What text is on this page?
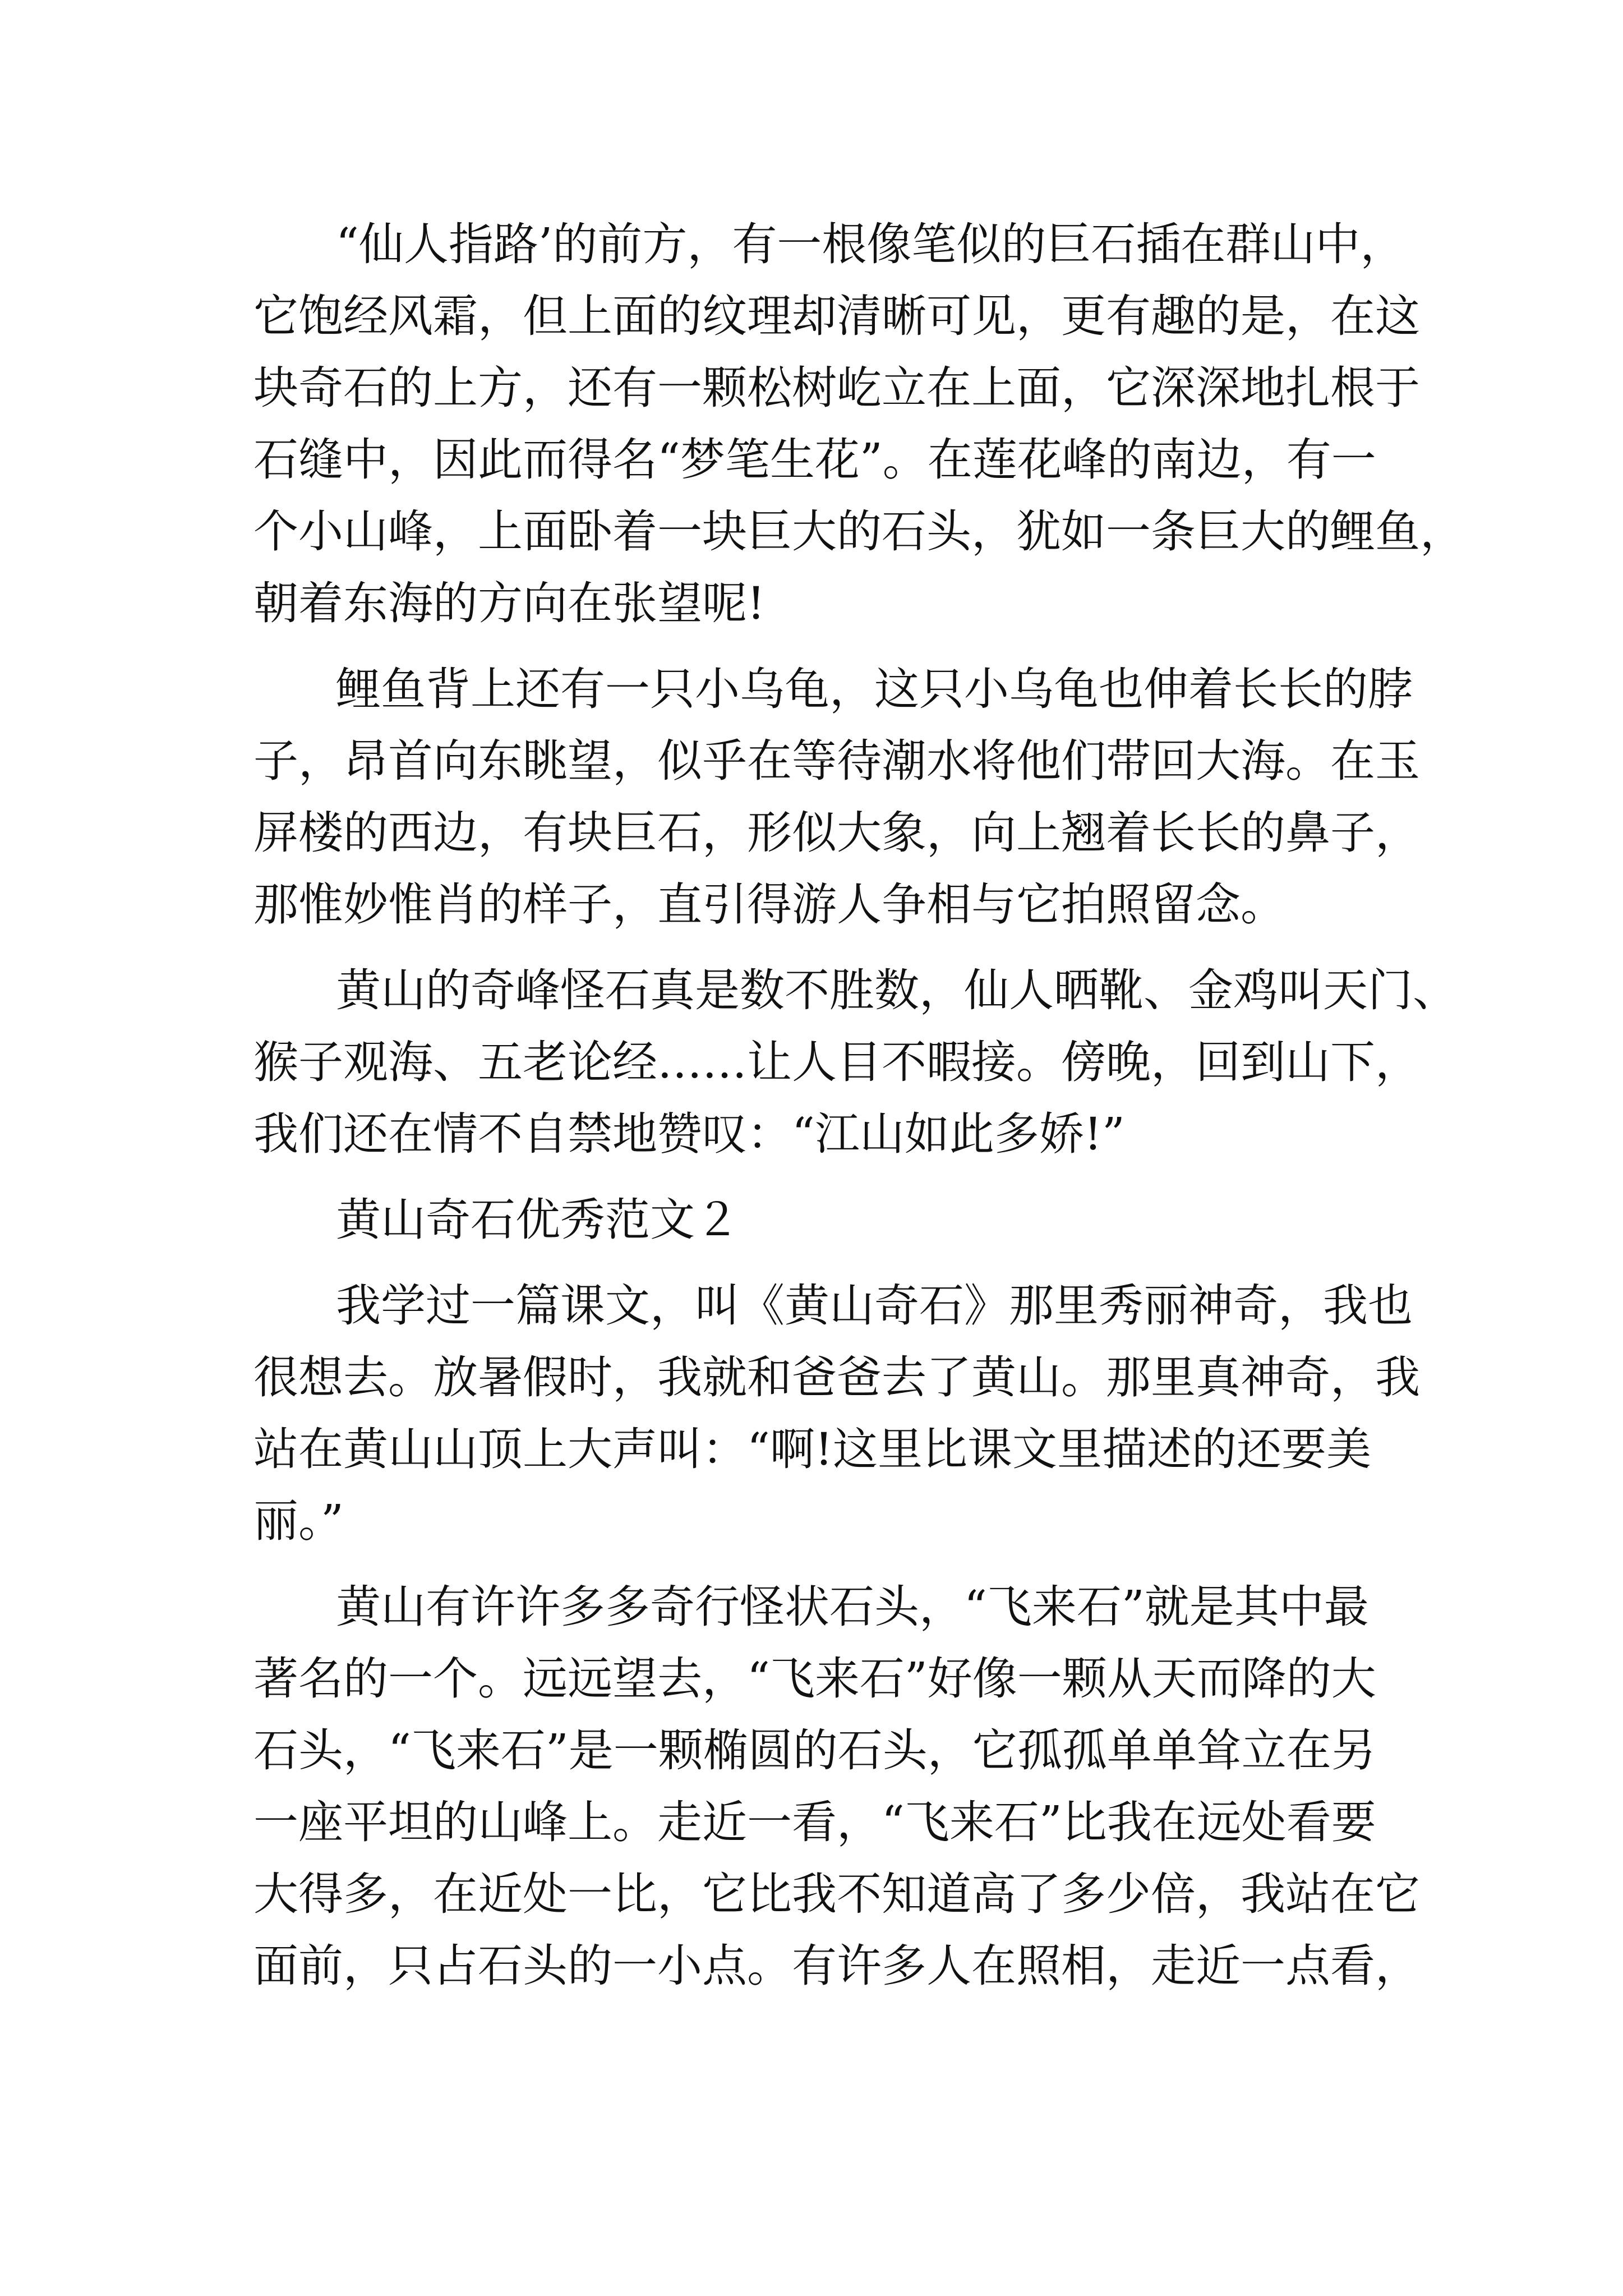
“仙人指路’的前方，有一根像笔似的巨石插在群山中，
它饱经风霜，但上面的纹理却清晰可见，更有趣的是，在这
块奇石的上方，还有一颗松树屹立在上面，它深深地扎根于
石缝中，因此而得名“梦笔生花”。在莲花峰的南边，有一
个小山峰，上面卧着一块巨大的石头，犹如一条巨大的鲤鱼，
朝着东海的方向在张望呢!
鲤鱼背上还有一只小乌龟，这只小乌龟也伸着长长的脖
子，昂首向东眺望，似乎在等待潮水将他们带回大海。在玉
屏楼的西边，有块巨石，形似大象，向上翘着长长的鼻子，
那惟妙惟肖的样子，直引得游人争相与它拍照留念。
黄山的奇峰怪石真是数不胜数，仙人晒靴、金鸡叫天门、
猴子观海、五老论经……让人目不暇接。傍晚，回到山下，
我们还在情不自禁地赞叹：“江山如此多娇!”
黄山奇石优秀范文２
我学过一篇课文，叫《黄山奇石》那里秀丽神奇，我也
很想去。放暑假时，我就和爸爸去了黄山。那里真神奇，我
站在黄山山顶上大声叫：“啊!这里比课文里描述的还要美
丽。”
黄山有许许多多奇行怪状石头，“飞来石”就是其中最
著名的一个。远远望去，“飞来石”好像一颗从天而降的大
石头，“飞来石”是一颗椭圆的石头，它孤孤单单耸立在另
一座平坦的山峰上。走近一看，“飞来石”比我在远处看要
大得多，在近处一比，它比我不知道高了多少倍，我站在它
面前，只占石头的一小点。有许多人在照相，走近一点看，
